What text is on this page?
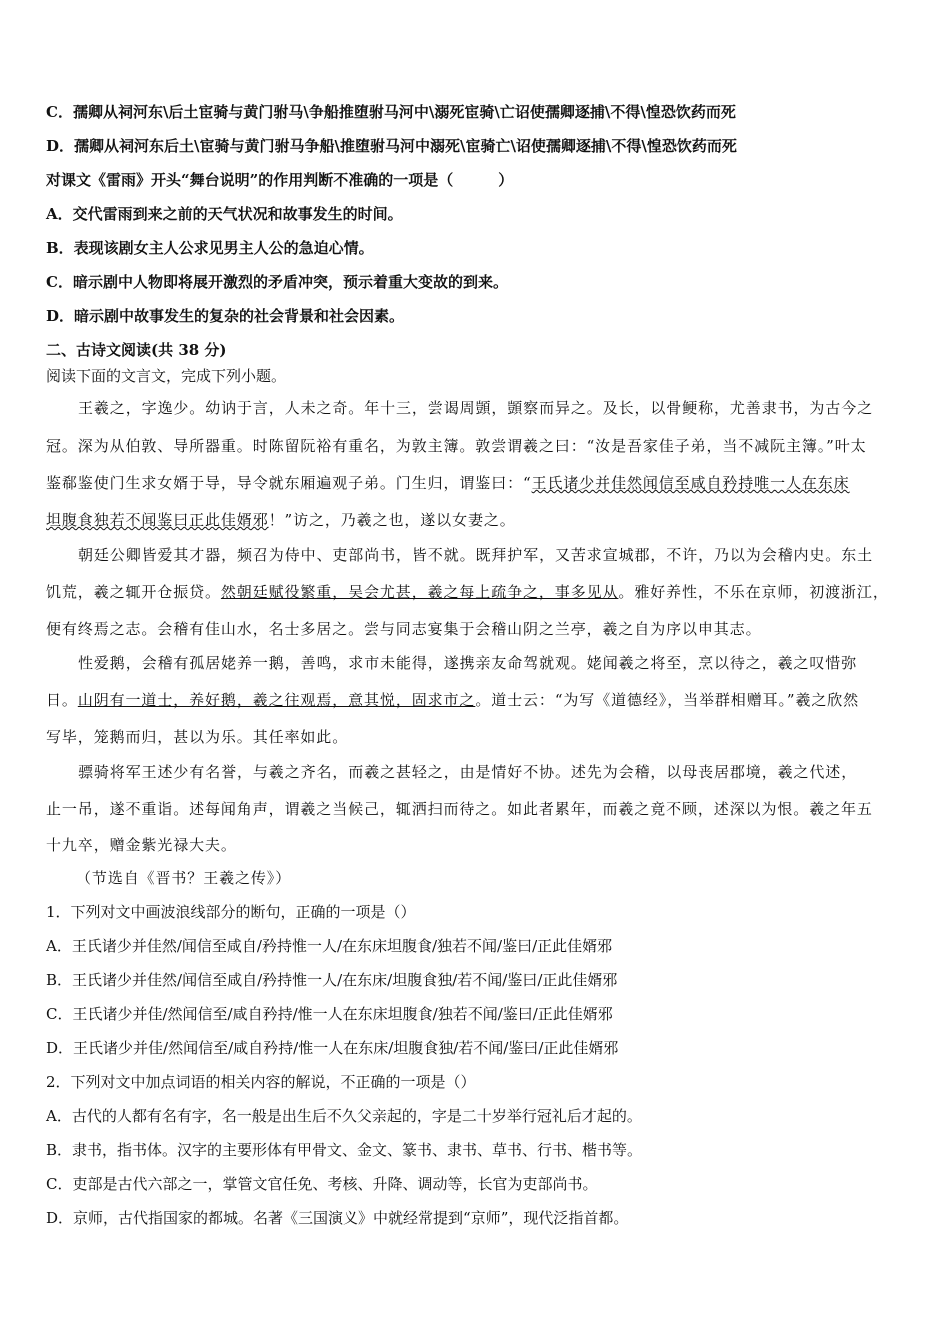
C．孺卿从祠河东\后土宦骑与黄门驸马\争船推堕驸马河中\溺死宦骑\亡诏使孺卿逐捕\不得\惶恐饮药而死
D．孺卿从祠河东后土\宦骑与黄门驸马争船\推堕驸马河中溺死\宦骑亡\诏使孺卿逐捕\不得\惶恐饮药而死
对课文《雷雨》开头“舞台说明”的作用判断不准确的一项是（　　　）
A．交代雷雨到来之前的天气状况和故事发生的时间。
B．表现该剧女主人公求见男主人公的急迫心情。
C．暗示剧中人物即将展开激烈的矛盾冲突，预示着重大变故的到来。
D．暗示剧中故事发生的复杂的社会背景和社会因素。
二、古诗文阅读(共 38 分)
阅读下面的文言文，完成下列小题。
王羲之，字逸少。幼讷于言，人未之奇。年十三，尝谒周顗，顗察而异之。及长，以骨鲠称，尤善隶书，为古今之
冠。深为从伯敦、导所器重。时陈留阮裕有重名，为敦主簿。敦尝谓羲之曰：“汝是吾家佳子弟，当不减阮主簿。”叶太
鉴郗鉴使门生求女婿于导，导令就东厢遍观子弟。门生归，谓鉴曰：“王氏诸少并佳然闻信至咸自矜持唯一人在东床
坦腹食独若不闻鉴曰正此佳婿邪！”访之，乃羲之也，遂以女妻之。
朝廷公卿皆爱其才器，频召为侍中、吏部尚书，皆不就。既拜护军，又苦求宣城郡，不许，乃以为会稽内史。东土
饥荒，羲之辄开仓振贷。然朝廷赋役繁重，吴会尤甚，羲之每上疏争之，事多见从。雅好养性，不乐在京师，初渡浙江，
便有终焉之志。会稽有佳山水，名士多居之。尝与同志宴集于会稽山阴之兰亭，羲之自为序以申其志。
性爱鹅，会稽有孤居姥养一鹅，善鸣，求市未能得，遂携亲友命驾就观。姥闻羲之将至，烹以待之，羲之叹惜弥
日。山阴有一道士，养好鹅，羲之往观焉，意其悦，固求市之。道士云：“为写《道德经》，当举群相赠耳。”羲之欣然
写毕，笼鹅而归，甚以为乐。其任率如此。
骠骑将军王述少有名誉，与羲之齐名，而羲之甚轻之，由是情好不协。述先为会稽，以母丧居郡境，羲之代述，
止一吊，遂不重诣。述每闻角声，谓羲之当候己，辄洒扫而待之。如此者累年，而羲之竟不顾，述深以为恨。羲之年五
十九卒，赠金紫光禄大夫。
（节选自《晋书？王羲之传》）
1．下列对文中画波浪线部分的断句，正确的一项是（）
A．王氏诸少并佳然/闻信至咸自/矜持惟一人/在东床坦腹食/独若不闻/鉴曰/正此佳婿邪
B．王氏诸少并佳然/闻信至咸自/矜持惟一人/在东床/坦腹食独/若不闻/鉴曰/正此佳婿邪
C．王氏诸少并佳/然闻信至/咸自矜持/惟一人在东床坦腹食/独若不闻/鉴曰/正此佳婿邪
D．王氏诸少并佳/然闻信至/咸自矜持/惟一人在东床/坦腹食独/若不闻/鉴曰/正此佳婿邪
2．下列对文中加点词语的相关内容的解说，不正确的一项是（）
A．古代的人都有名有字，名一般是出生后不久父亲起的，字是二十岁举行冠礼后才起的。
B．隶书，指书体。汉字的主要形体有甲骨文、金文、篆书、隶书、草书、行书、楷书等。
C．吏部是古代六部之一，掌管文官任免、考核、升降、调动等，长官为吏部尚书。
D．京师，古代指国家的都城。名著《三国演义》中就经常提到“京师”，现代泛指首都。
